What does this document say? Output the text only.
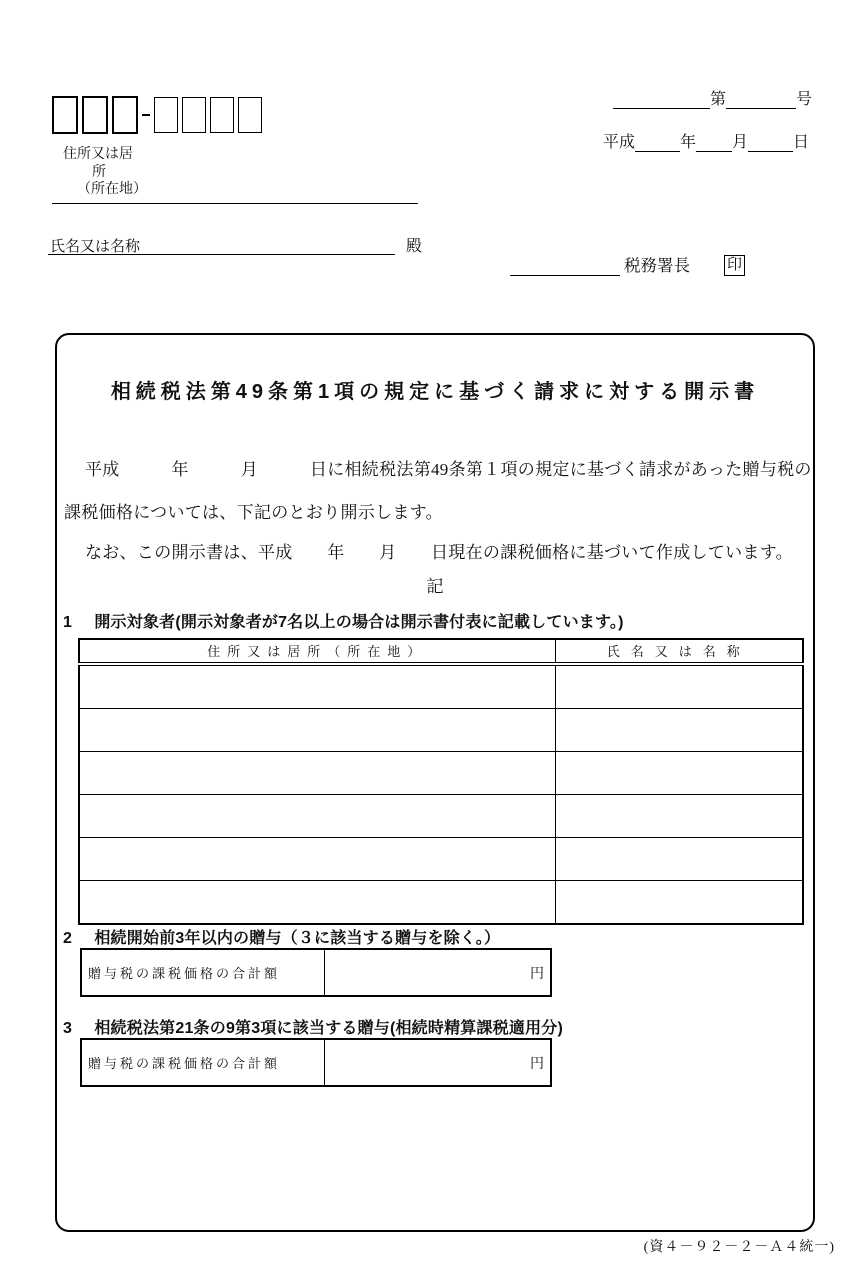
住所又は居
所
（所在地）
氏名又は名称	殿
第	号
平成	年 月	日
税務署長 印
相続税法第49条第1項の規定に基づく請求に対する開示書
平成　　　年　　　月　　　日に相続税法第49条第１項の規定に基づく請求があった贈与税の
課税価格については、下記のとおり開示します。
なお、この開示書は、平成　　年　　月　　日現在の課税価格に基づいて作成しています。
記
1 開示対象者(開示対象者が7名以上の場合は開示書付表に記載しています。)
住所又は居所（所在地）	氏名又は名称

2 相続開始前3年以内の贈与（３に該当する贈与を除く。）
贈与税の課税価格の合計額	円
3 相続税法第21条の9第3項に該当する贈与(相続時精算課税適用分)
贈与税の課税価格の合計額	円
(資４－９２－２－Ａ４統一)
